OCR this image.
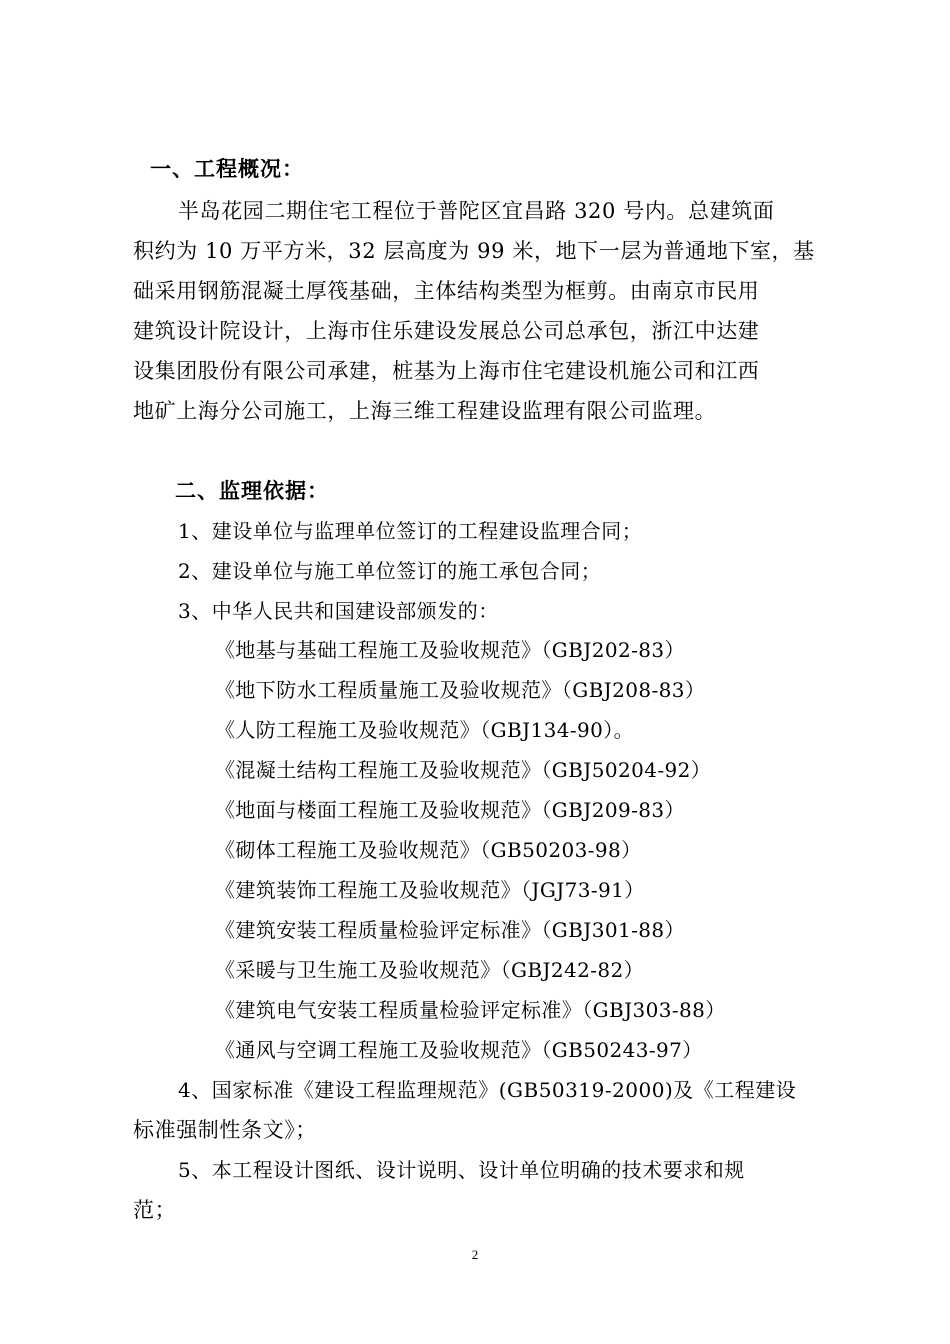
一、工程概况：
半岛花园二期住宅工程位于普陀区宜昌路 320 号内。总建筑面
积约为 10 万平方米，32 层高度为 99 米，地下一层为普通地下室，基
础采用钢筋混凝土厚筏基础，主体结构类型为框剪。由南京市民用
建筑设计院设计，上海市住乐建设发展总公司总承包，浙江中达建
设集团股份有限公司承建，桩基为上海市住宅建设机施公司和江西
地矿上海分公司施工，上海三维工程建设监理有限公司监理。
二、监理依据：
1、建设单位与监理单位签订的工程建设监理合同；
2、建设单位与施工单位签订的施工承包合同；
3、中华人民共和国建设部颁发的：
《地基与基础工程施工及验收规范》（GBJ202-83）
《地下防水工程质量施工及验收规范》（GBJ208-83）
《人防工程施工及验收规范》（GBJ134-90）。
《混凝土结构工程施工及验收规范》（GBJ50204-92）
《地面与楼面工程施工及验收规范》（GBJ209-83）
《砌体工程施工及验收规范》（GB50203-98）
《建筑装饰工程施工及验收规范》（JGJ73-91）
《建筑安装工程质量检验评定标准》（GBJ301-88）
《采暖与卫生施工及验收规范》（GBJ242-82）
《建筑电气安装工程质量检验评定标准》（GBJ303-88）
《通风与空调工程施工及验收规范》（GB50243-97）
4、国家标准《建设工程监理规范》(GB50319-2000)及《工程建设
标准强制性条文》；
5、本工程设计图纸、设计说明、设计单位明确的技术要求和规
范；
2
